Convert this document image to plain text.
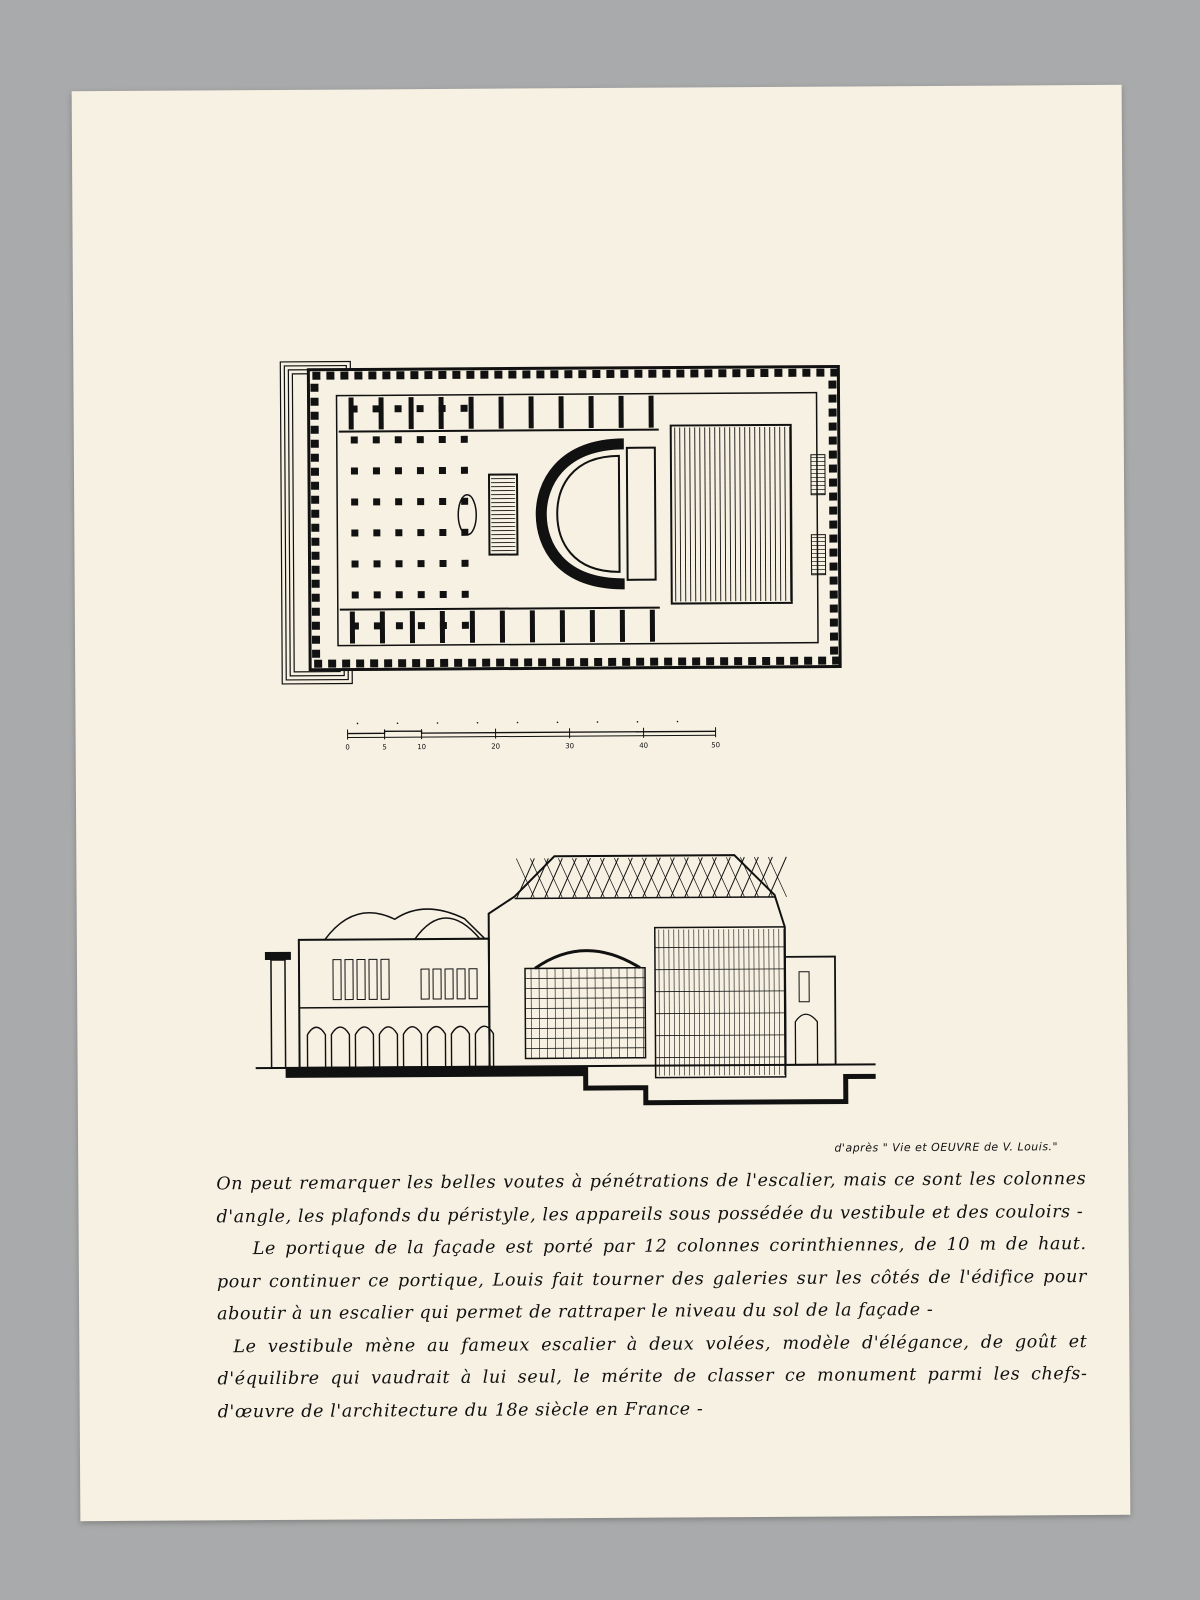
0	5	10	20	30	40	50
d'après " Vie et OEUVRE de V. Louis."

On peut remarquer les belles voutes à pénétrations de l'escalier, mais ce sont les colonnes d'angle, les plafonds du péristyle, les appareils sous possédée du vestibule et des couloirs -

Le portique de la façade est porté par 12 colonnes corinthiennes, de 10 m de haut. pour continuer ce portique, Louis fait tourner des galeries sur les côtés de l'édifice pour aboutir à un escalier qui permet de rattraper le niveau du sol de la façade -

Le vestibule mène au fameux escalier à deux volées, modèle d'élégance, de goût et d'équilibre qui vaudrait à lui seul, le mérite de classer ce monument parmi les chefs-d'œuvre de l'architecture du 18e siècle en France -
